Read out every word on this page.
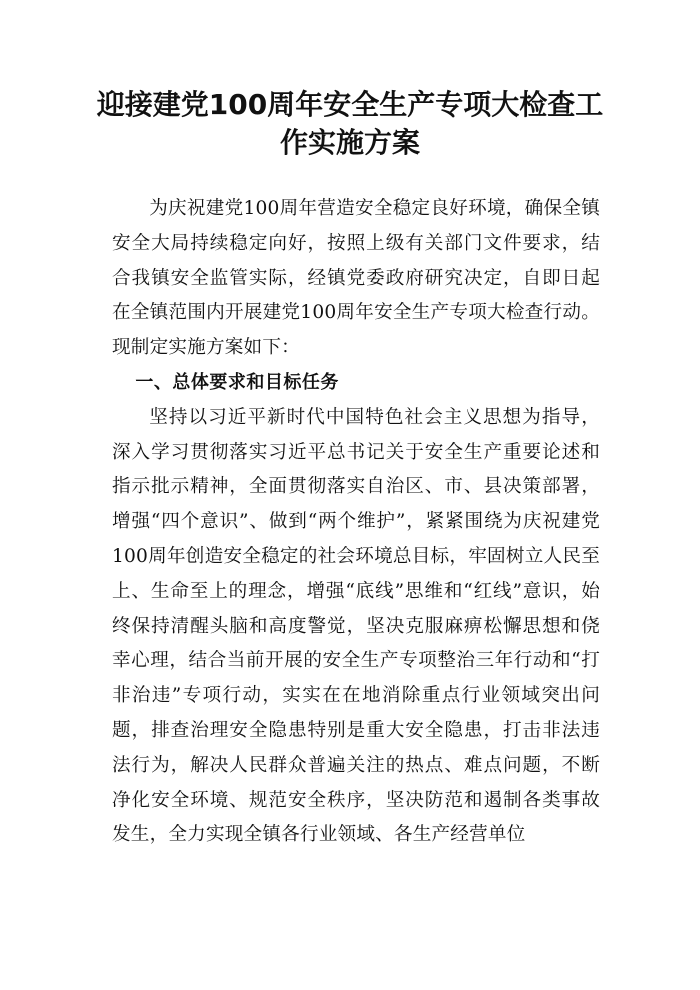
迎接建党100周年安全生产专项大检查工
作实施方案

为庆祝建党100周年营造安全稳定良好环境，确保全镇安全大局持续稳定向好，按照上级有关部门文件要求，结合我镇安全监管实际，经镇党委政府研究决定，自即日起在全镇范围内开展建党100周年安全生产专项大检查行动。现制定实施方案如下：

一、总体要求和目标任务

坚持以习近平新时代中国特色社会主义思想为指导，深入学习贯彻落实习近平总书记关于安全生产重要论述和指示批示精神，全面贯彻落实自治区、市、县决策部署，增强“四个意识”、做到“两个维护”，紧紧围绕为庆祝建党100周年创造安全稳定的社会环境总目标，牢固树立人民至上、生命至上的理念，增强“底线”思维和“红线”意识，始终保持清醒头脑和高度警觉，坚决克服麻痹松懈思想和侥幸心理，结合当前开展的安全生产专项整治三年行动和“打非治违”专项行动，实实在在地消除重点行业领域突出问题，排查治理安全隐患特别是重大安全隐患，打击非法违法行为，解决人民群众普遍关注的热点、难点问题，不断净化安全环境、规范安全秩序，坚决防范和遏制各类事故发生，全力实现全镇各行业领域、各生产经营单位
